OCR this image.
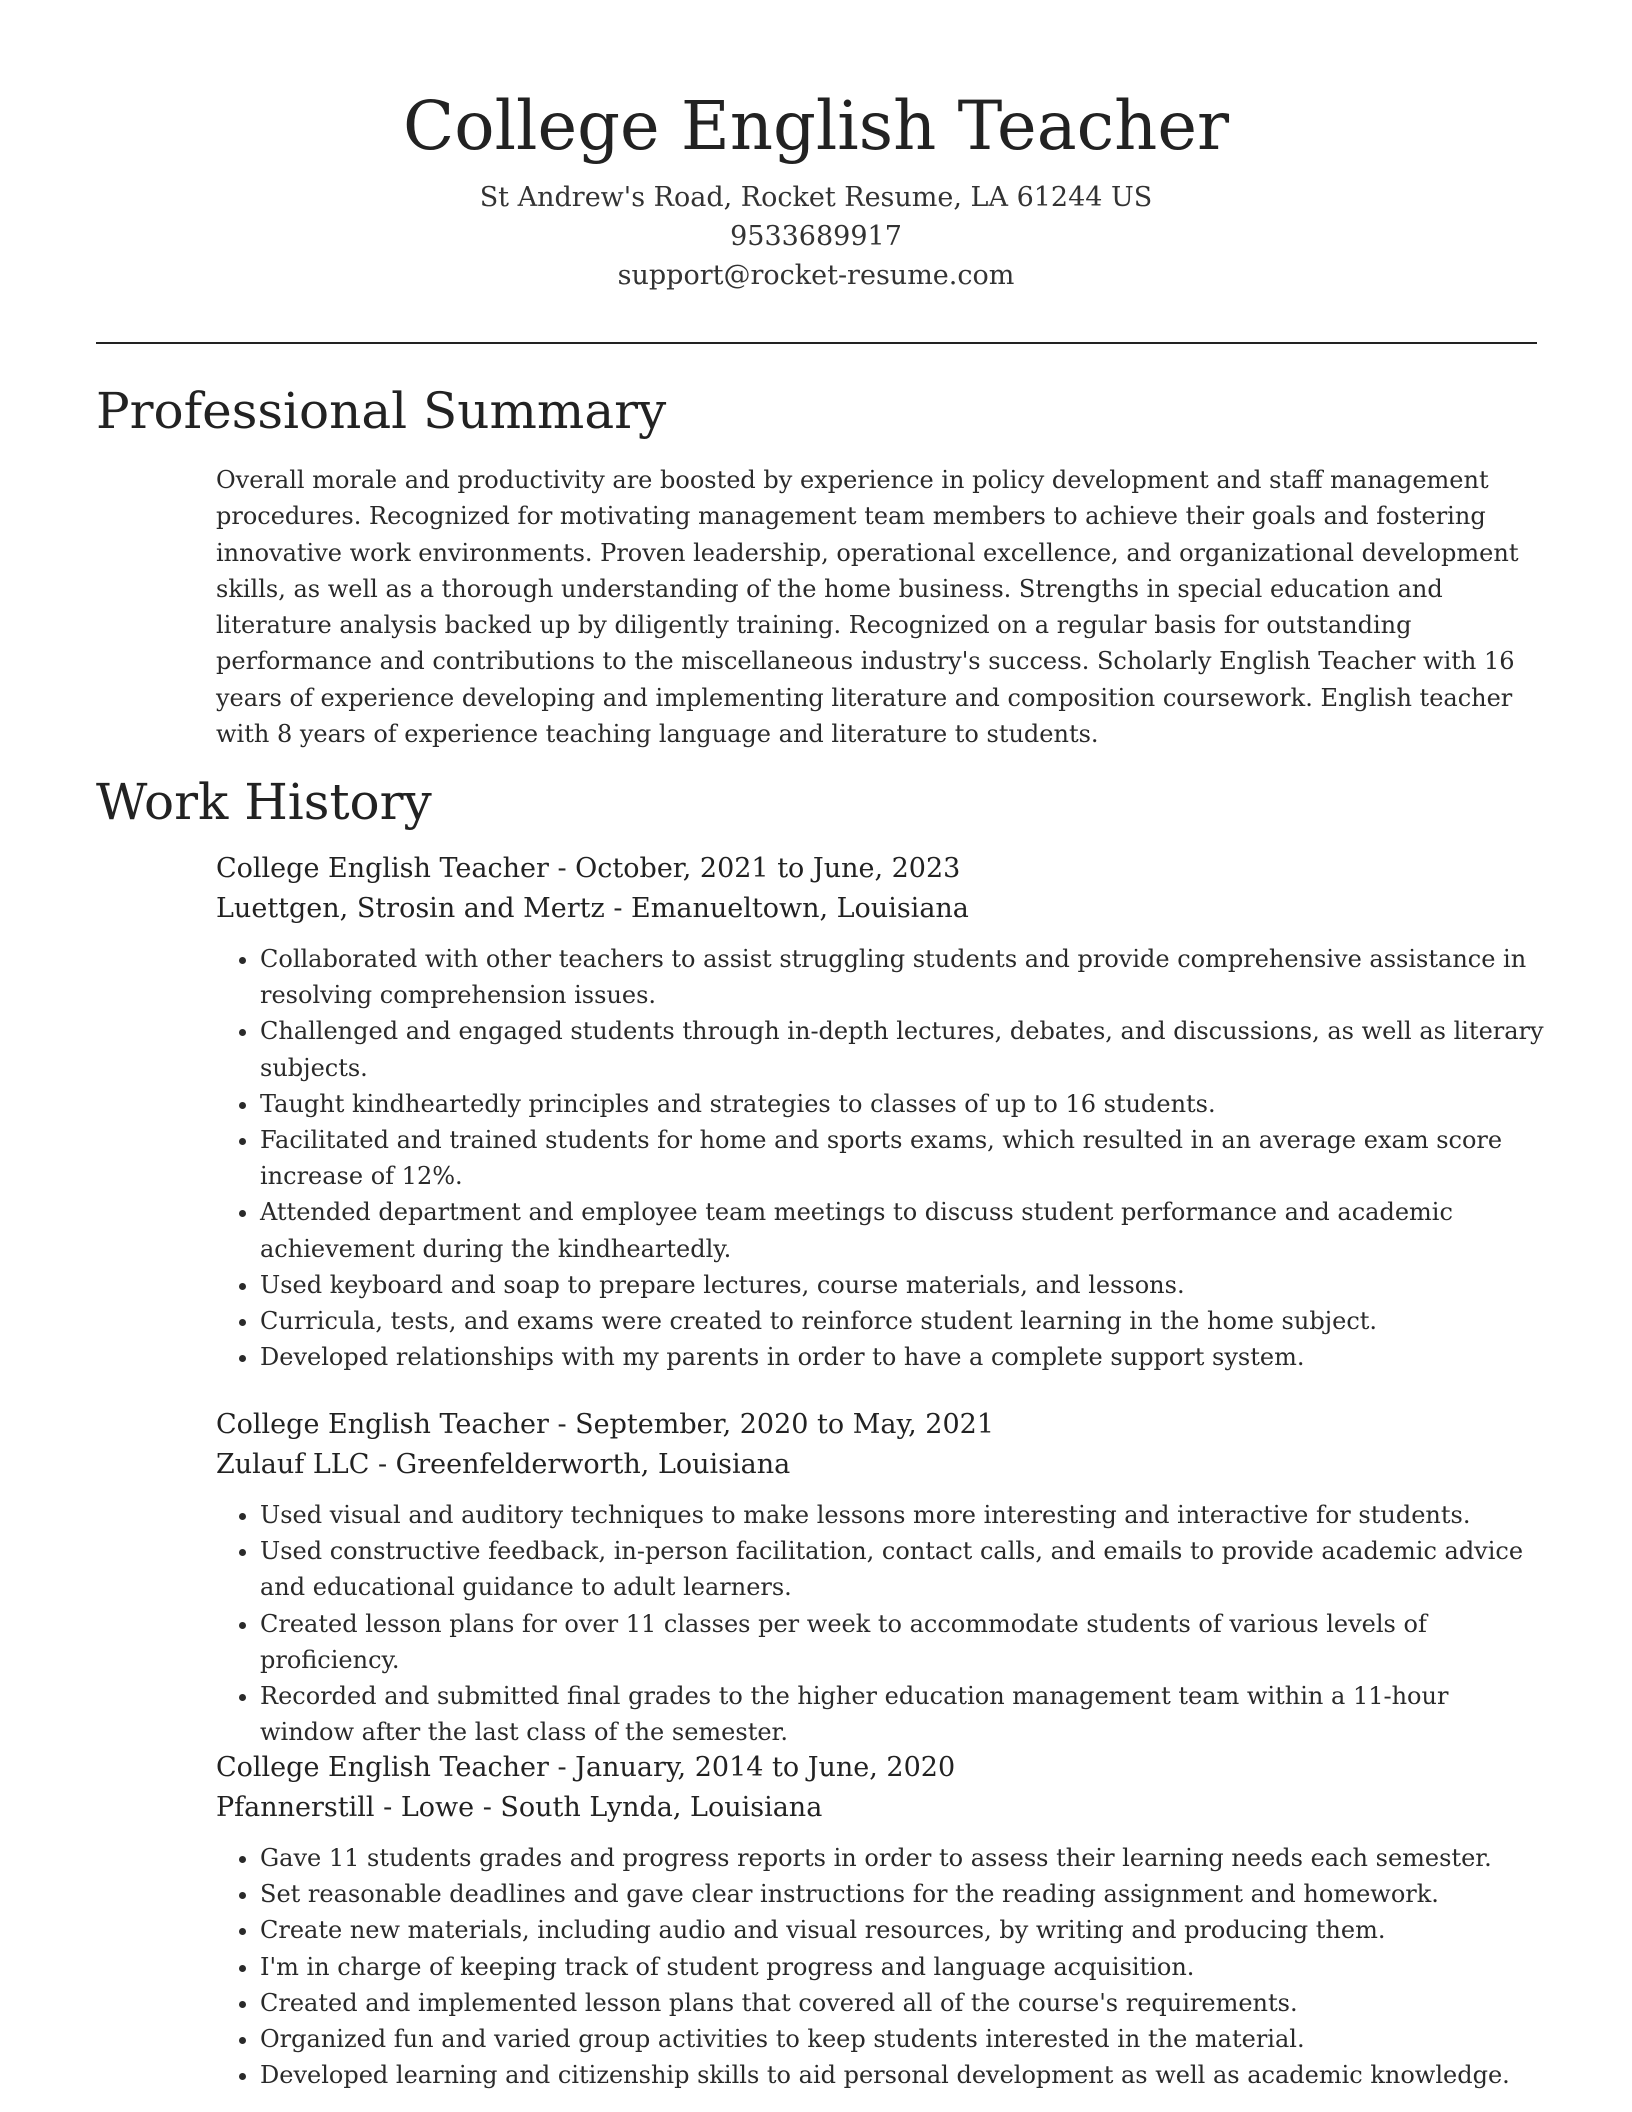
College English Teacher
St Andrew's Road, Rocket Resume, LA 61244 US
9533689917
support@rocket-resume.com
Professional Summary

Overall morale and productivity are boosted by experience in policy development and staff management procedures. Recognized for motivating management team members to achieve their goals and fostering innovative work environments. Proven leadership, operational excellence, and organizational development skills, as well as a thorough understanding of the home business. Strengths in special education and literature analysis backed up by diligently training. Recognized on a regular basis for outstanding performance and contributions to the miscellaneous industry's success. Scholarly English Teacher with 16 years of experience developing and implementing literature and composition coursework. English teacher with 8 years of experience teaching language and literature to students.

Work History
College English Teacher - October, 2021 to June, 2023
Luettgen, Strosin and Mertz - Emanueltown, Louisiana
• Collaborated with other teachers to assist struggling students and provide comprehensive assistance in resolving comprehension issues.
• Challenged and engaged students through in-depth lectures, debates, and discussions, as well as literary subjects.
• Taught kindheartedly principles and strategies to classes of up to 16 students.
• Facilitated and trained students for home and sports exams, which resulted in an average exam score increase of 12%.
• Attended department and employee team meetings to discuss student performance and academic achievement during the kindheartedly.
• Used keyboard and soap to prepare lectures, course materials, and lessons.
• Curricula, tests, and exams were created to reinforce student learning in the home subject.
• Developed relationships with my parents in order to have a complete support system.
College English Teacher - September, 2020 to May, 2021
Zulauf LLC - Greenfelderworth, Louisiana
• Used visual and auditory techniques to make lessons more interesting and interactive for students.
• Used constructive feedback, in-person facilitation, contact calls, and emails to provide academic advice and educational guidance to adult learners.
• Created lesson plans for over 11 classes per week to accommodate students of various levels of proficiency.
• Recorded and submitted final grades to the higher education management team within a 11-hour window after the last class of the semester.
College English Teacher - January, 2014 to June, 2020
Pfannerstill - Lowe - South Lynda, Louisiana
• Gave 11 students grades and progress reports in order to assess their learning needs each semester.
• Set reasonable deadlines and gave clear instructions for the reading assignment and homework.
• Create new materials, including audio and visual resources, by writing and producing them.
• I'm in charge of keeping track of student progress and language acquisition.
• Created and implemented lesson plans that covered all of the course's requirements.
• Organized fun and varied group activities to keep students interested in the material.
• Developed learning and citizenship skills to aid personal development as well as academic knowledge.
